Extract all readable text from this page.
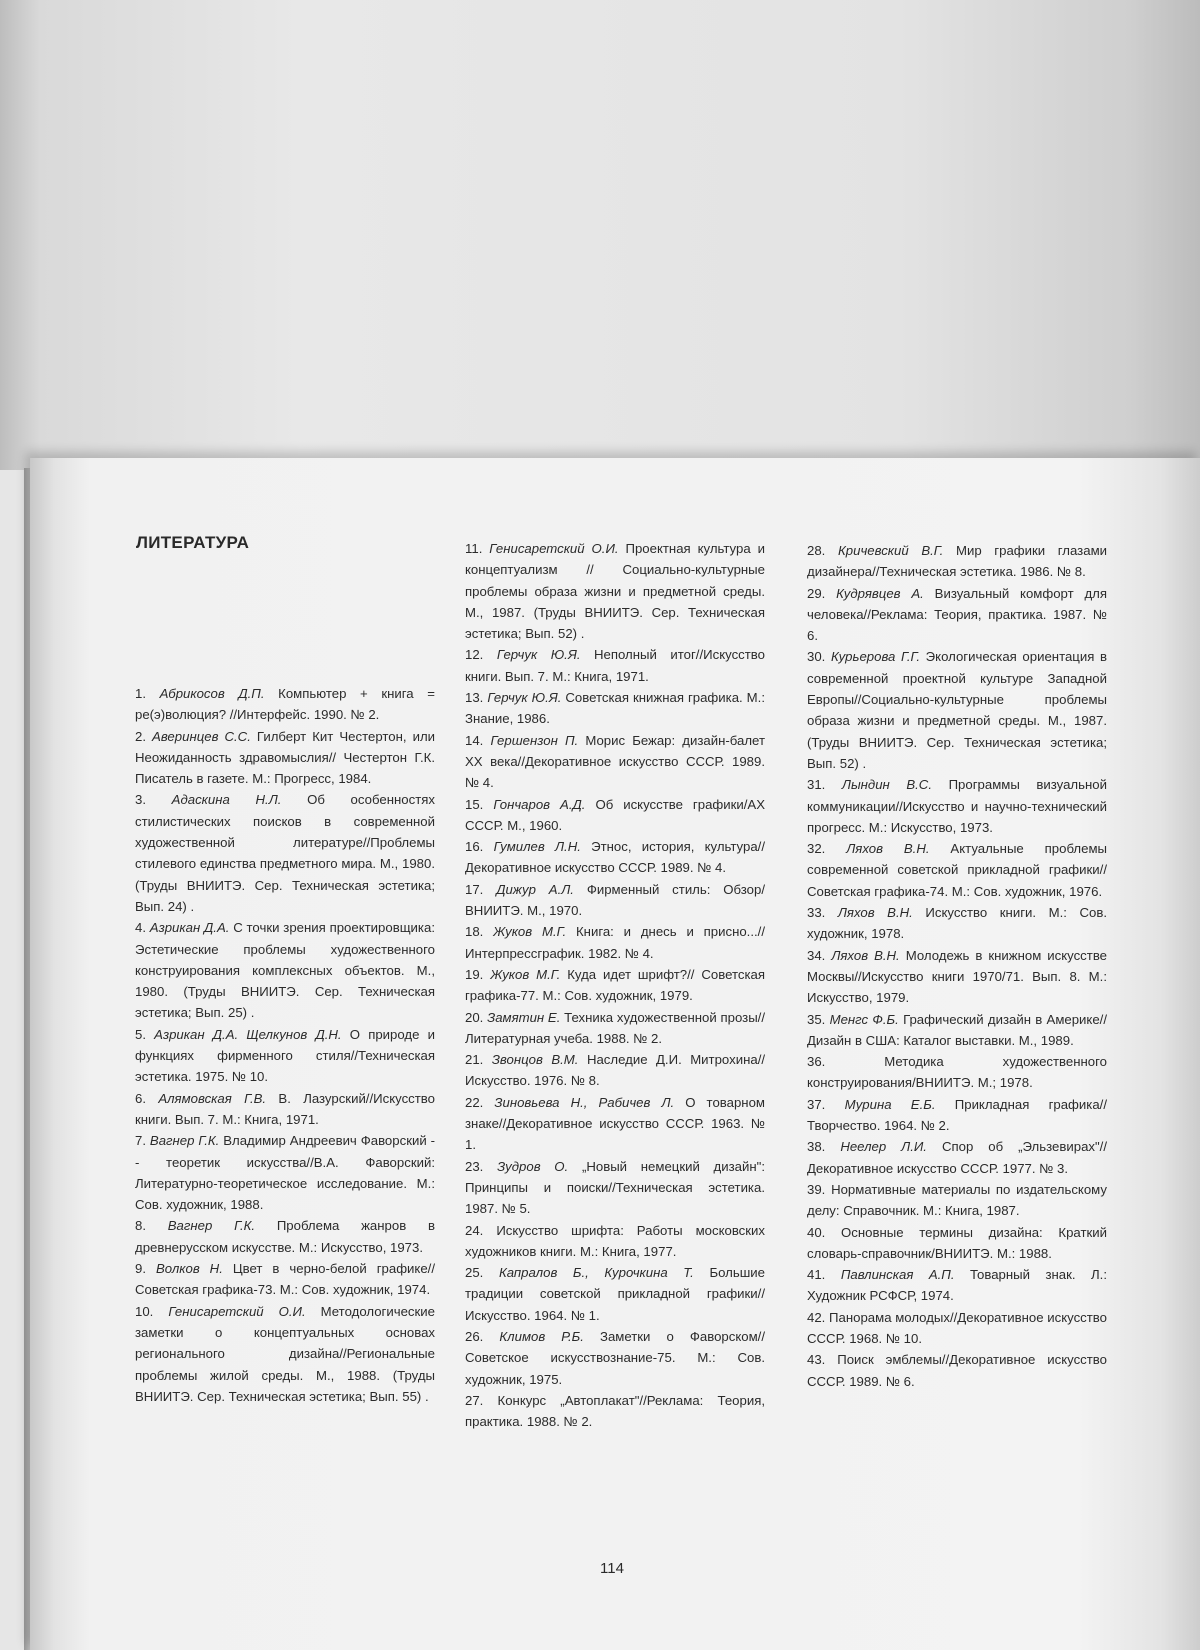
ЛИТЕРАТУРА

1. Абрикосов Д.П. Компьютер + книга = ре(э)волюция? //Интерфейс. 1990. № 2.

2. Аверинцев С.С. Гилберт Кит Честертон, или Неожиданность здравомыслия// Честертон Г.К. Писатель в газете. М.: Прогресс, 1984.

3. Адаскина Н.Л. Об особенностях стилистических поисков в современной художественной литературе//Проблемы стилевого единства предметного мира. М., 1980. (Труды ВНИИТЭ. Сер. Техническая эстетика; Вып. 24) .

4. Азрикан Д.А. С точки зрения проектировщика: Эстетические проблемы художественного конструирования комплексных объектов. М., 1980. (Труды ВНИИТЭ. Сер. Техническая эстетика; Вып. 25) .

5. Азрикан Д.А. Щелкунов Д.Н. О природе и функциях фирменного стиля//Техническая эстетика. 1975. № 10.

6. Алямовская Г.В. В. Лазурский//Искусство книги. Вып. 7. М.: Книга, 1971.

7. Вагнер Г.К. Владимир Андреевич Фаворский -- теоретик искусства//В.А. Фаворский: Литературно-теоретическое исследование. М.: Сов. художник, 1988.

8. Вагнер Г.К. Проблема жанров в древнерусском искусстве. М.: Искусство, 1973.

9. Волков Н. Цвет в черно-белой графике//Советская графика-73. М.: Сов. художник, 1974.

10. Генисаретский О.И. Методологические заметки о концептуальных основах регионального дизайна//Региональные проблемы жилой среды. М., 1988. (Труды ВНИИТЭ. Сер. Техническая эстетика; Вып. 55) .

11. Генисаретский О.И. Проектная культура и концептуализм // Социально-культурные проблемы образа жизни и предметной среды. М., 1987. (Труды ВНИИТЭ. Сер. Техническая эстетика; Вып. 52) .

12. Герчук Ю.Я. Неполный итог//Искусство книги. Вып. 7. М.: Книга, 1971.

13. Герчук Ю.Я. Советская книжная графика. М.: Знание, 1986.

14. Гершензон П. Морис Бежар: дизайн-балет XX века//Декоративное искусство СССР. 1989. № 4.

15. Гончаров А.Д. Об искусстве графики/АХ СССР. М., 1960.

16. Гумилев Л.Н. Этнос, история, культура//Декоративное искусство СССР. 1989. № 4.

17. Дижур А.Л. Фирменный стиль: Обзор/ВНИИТЭ. М., 1970.

18. Жуков М.Г. Книга: и днесь и присно...//Интерпрессграфик. 1982. № 4.

19. Жуков М.Г. Куда идет шрифт?// Советская графика-77. М.: Сов. художник, 1979.

20. Замятин Е. Техника художественной прозы//Литературная учеба. 1988. № 2.

21. Звонцов В.М. Наследие Д.И. Митрохина//Искусство. 1976. № 8.

22. Зиновьева Н., Рабичев Л. О товарном знаке//Декоративное искусство СССР. 1963. № 1.

23. Зудров О. „Новый немецкий дизайн": Принципы и поиски//Техническая эстетика. 1987. № 5.

24. Искусство шрифта: Работы московских художников книги. М.: Книга, 1977.

25. Капралов Б., Курочкина Т. Большие традиции советской прикладной графики//Искусство. 1964. № 1.

26. Климов Р.Б. Заметки о Фаворском// Советское искусствознание-75. М.: Сов. художник, 1975.

27. Конкурс „Автоплакат"//Реклама: Теория, практика. 1988. № 2.

28. Кричевский В.Г. Мир графики глазами дизайнера//Техническая эстетика. 1986. № 8.

29. Кудрявцев А. Визуальный комфорт для человека//Реклама: Теория, практика. 1987. № 6.

30. Курьерова Г.Г. Экологическая ориентация в современной проектной культуре Западной Европы//Социально-культурные проблемы образа жизни и предметной среды. М., 1987. (Труды ВНИИТЭ. Сер. Техническая эстетика; Вып. 52) .

31. Лындин В.С. Программы визуальной коммуникации//Искусство и научно-технический прогресс. М.: Искусство, 1973.

32. Ляхов В.Н. Актуальные проблемы современной советской прикладной графики//Советская графика-74. М.: Сов. художник, 1976.

33. Ляхов В.Н. Искусство книги. М.: Сов. художник, 1978.

34. Ляхов В.Н. Молодежь в книжном искусстве Москвы//Искусство книги 1970/71. Вып. 8. М.: Искусство, 1979.

35. Менгс Ф.Б. Графический дизайн в Америке//Дизайн в США: Каталог выставки. М., 1989.

36.	Методика художественного конструирования/ВНИИТЭ. М.; 1978.

37. Мурина Е.Б. Прикладная графика// Творчество. 1964. № 2.

38. Неелер Л.И. Спор об „Эльзевирах"// Декоративное искусство СССР. 1977. № 3.

39. Нормативные материалы по издательскому делу: Справочник. М.: Книга, 1987.

40. Основные термины дизайна: Краткий словарь-справочник/ВНИИТЭ. М.: 1988.

41. Павлинская А.П. Товарный знак. Л.: Художник РСФСР, 1974.

42. Панорама молодых//Декоративное искусство СССР. 1968. № 10.

43. Поиск эмблемы//Декоративное искусство СССР. 1989. № 6.

114
